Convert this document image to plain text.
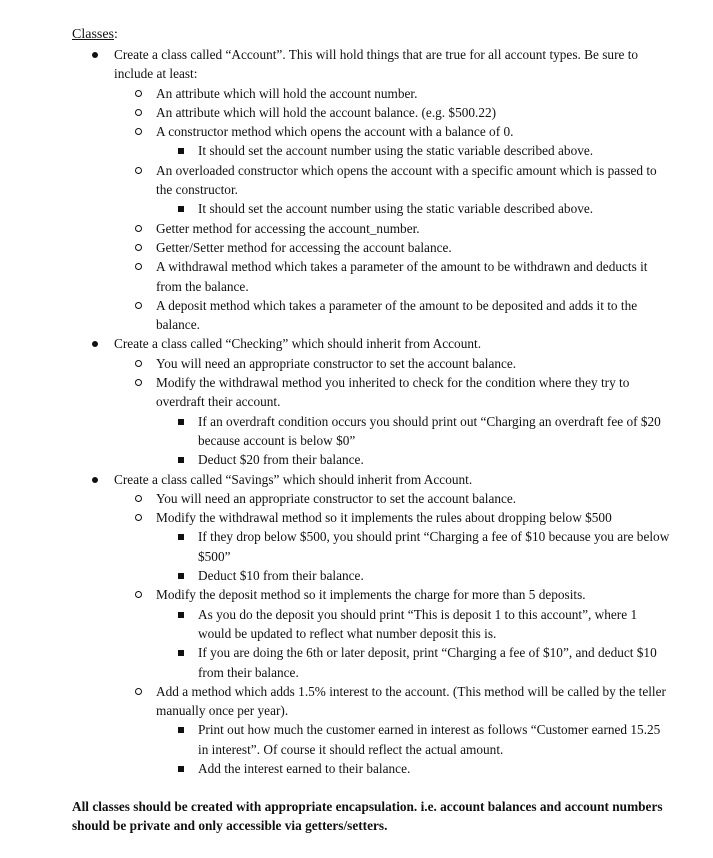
Classes:
Create a class called “Account”. This will hold things that are true for all account types. Be sure to include at least:
An attribute which will hold the account number.
An attribute which will hold the account balance. (e.g. $500.22)
A constructor method which opens the account with a balance of 0.
It should set the account number using the static variable described above.
An overloaded constructor which opens the account with a specific amount which is passed to the constructor.
It should set the account number using the static variable described above.
Getter method for accessing the account_number.
Getter/Setter method for accessing the account balance.
A withdrawal method which takes a parameter of the amount to be withdrawn and deducts it from the balance.
A deposit method which takes a parameter of the amount to be deposited and adds it to the balance.
Create a class called “Checking” which should inherit from Account.
You will need an appropriate constructor to set the account balance.
Modify the withdrawal method you inherited to check for the condition where they try to overdraft their account.
If an overdraft condition occurs you should print out “Charging an overdraft fee of $20 because account is below $0”
Deduct $20 from their balance.
Create a class called “Savings” which should inherit from Account.
You will need an appropriate constructor to set the account balance.
Modify the withdrawal method so it implements the rules about dropping below $500
If they drop below $500, you should print “Charging a fee of $10 because you are below $500”
Deduct $10 from their balance.
Modify the deposit method so it implements the charge for more than 5 deposits.
As you do the deposit you should print “This is deposit 1 to this account”, where 1 would be updated to reflect what number deposit this is.
If you are doing the 6th or later deposit, print “Charging a fee of $10”, and deduct $10 from their balance.
Add a method which adds 1.5% interest to the account. (This method will be called by the teller manually once per year).
Print out how much the customer earned in interest as follows “Customer earned 15.25 in interest”. Of course it should reflect the actual amount.
Add the interest earned to their balance.
All classes should be created with appropriate encapsulation. i.e. account balances and account numbers should be private and only accessible via getters/setters.
